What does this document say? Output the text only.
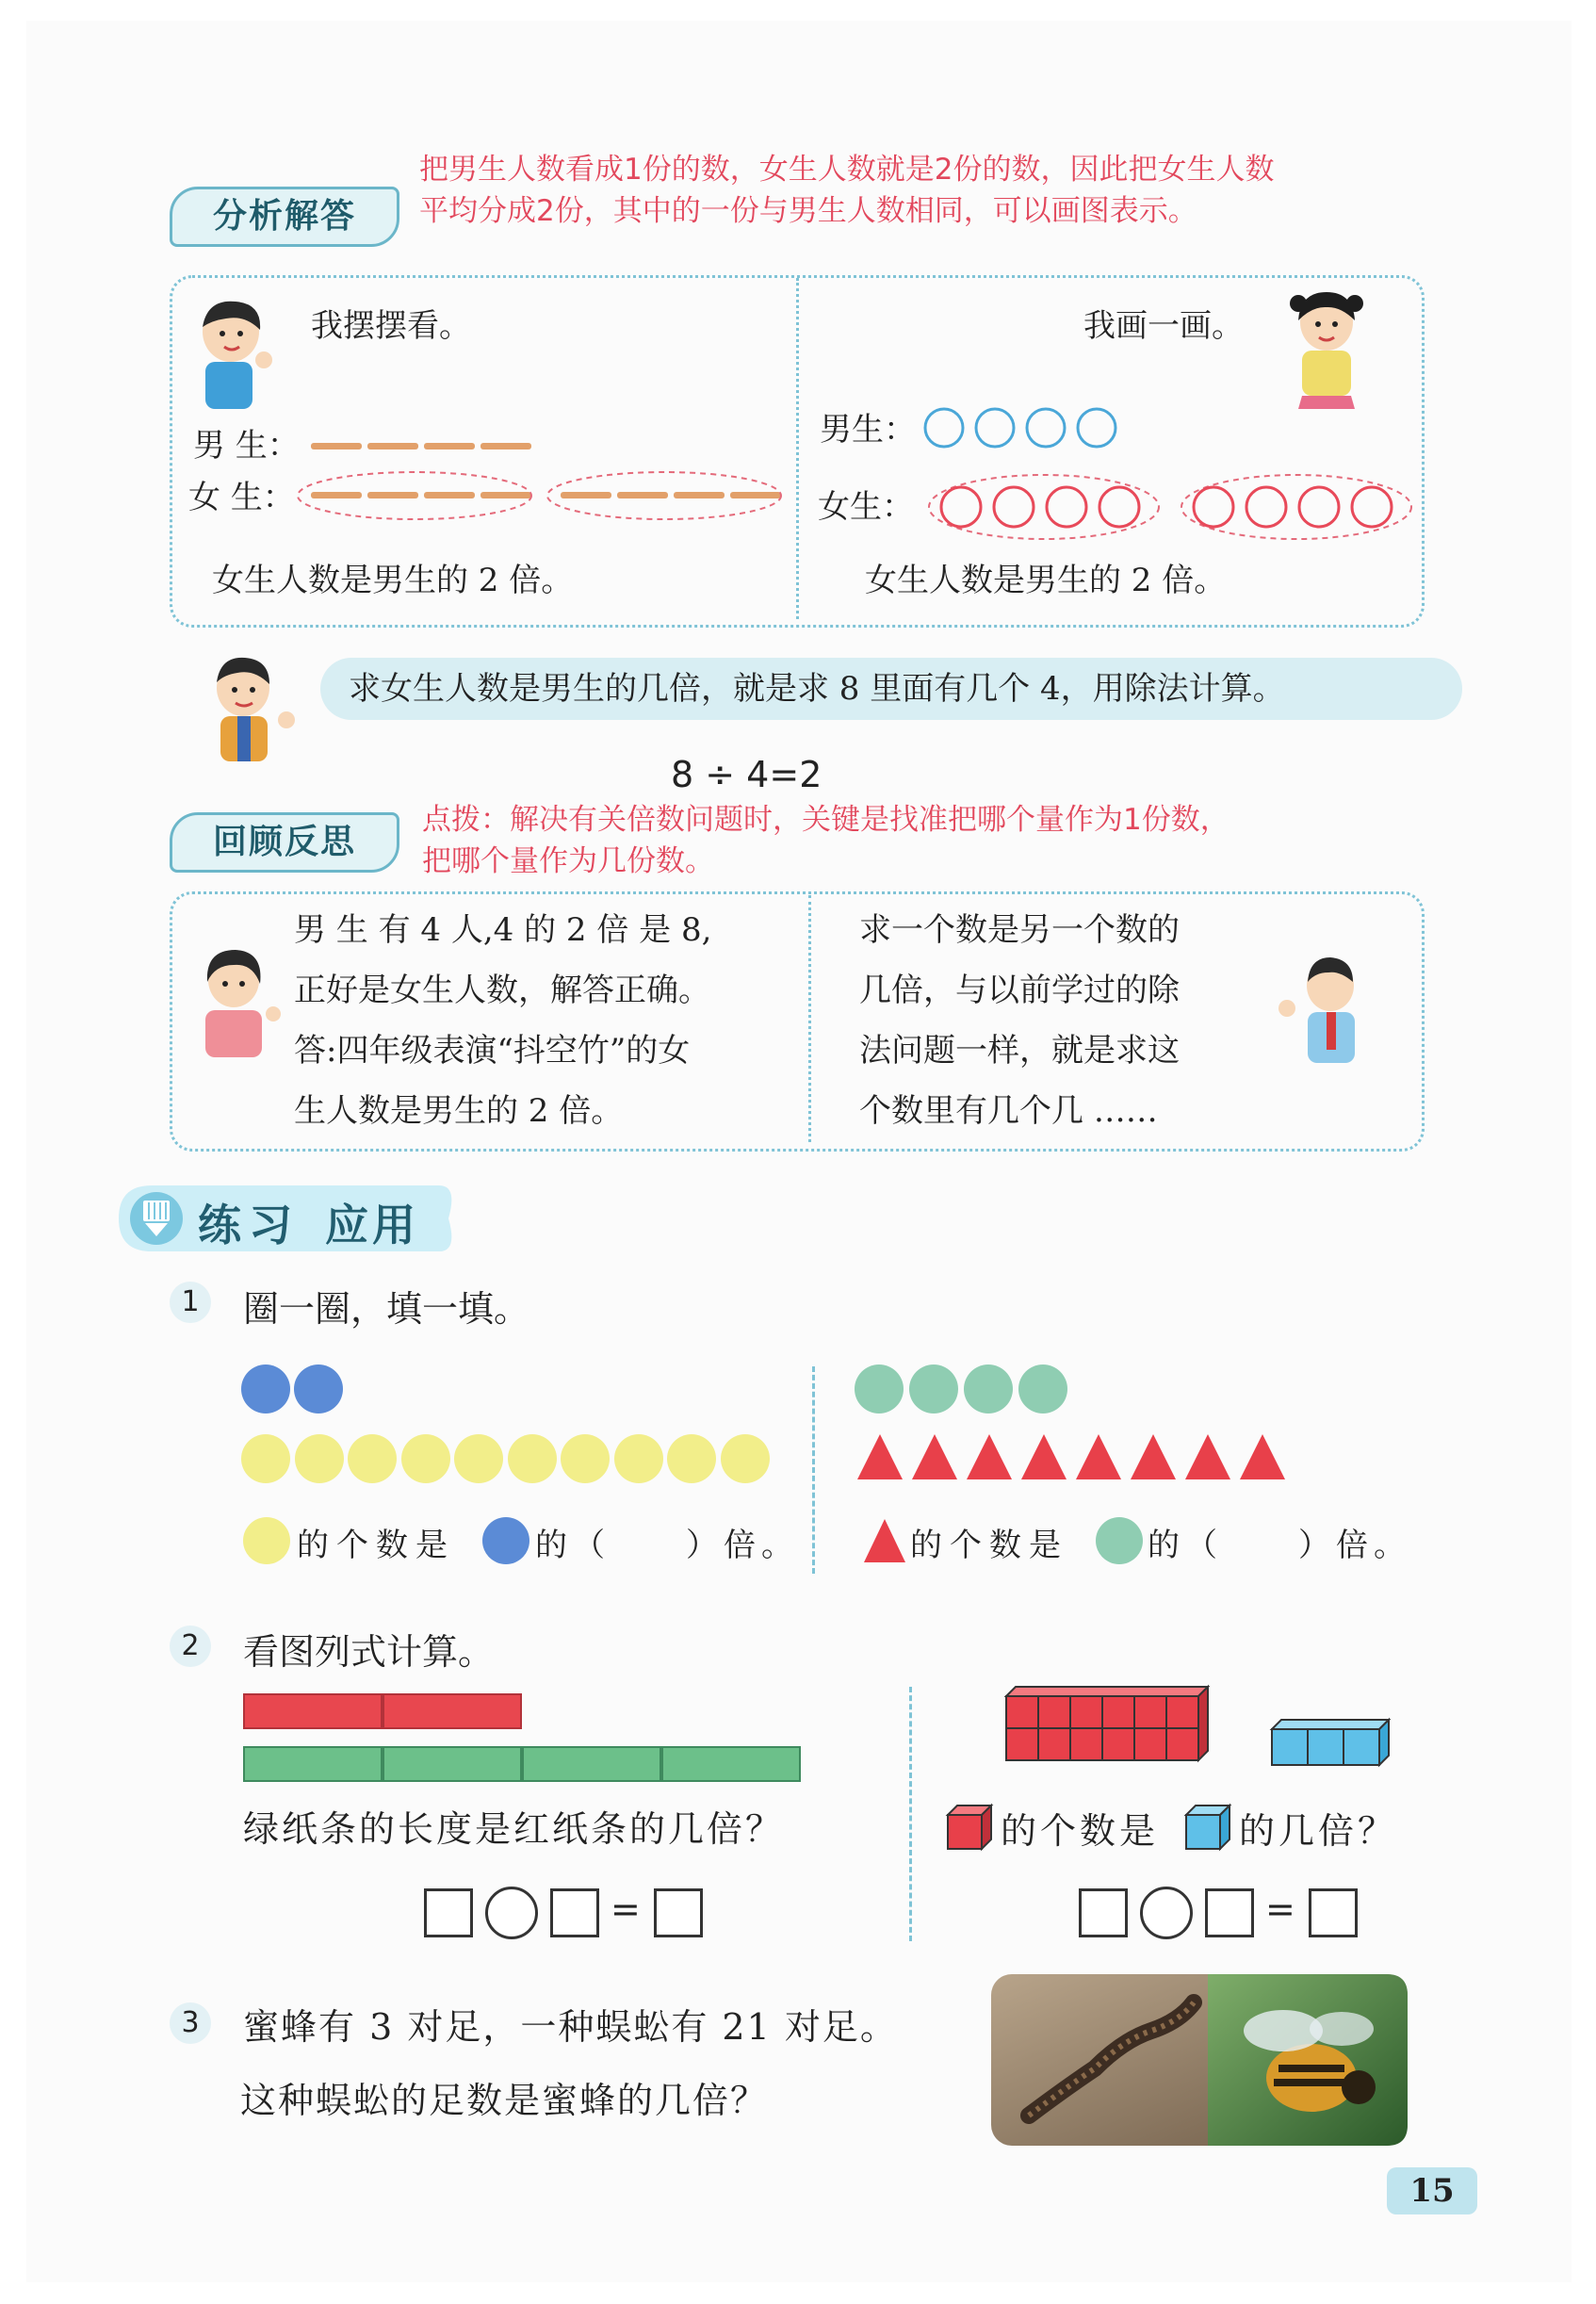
分析解答
把男生人数看成1份的数，女生人数就是2份的数，因此把女生人数
平均分成2份，其中的一份与男生人数相同，可以画图表示。
我摆摆看。
男 生：
女 生：
女生人数是男生的 2 倍。
我画一画。
男生：
女生：
女生人数是男生的 2 倍。
求女生人数是男生的几倍，就是求 8 里面有几个 4，用除法计算。
8 ÷ 4=2
回顾反思
点拨：解决有关倍数问题时，关键是找准把哪个量作为1份数，
把哪个量作为几份数。
男 生 有 4 人,4 的 2 倍 是 8,
正好是女生人数，解答正确。
答:四年级表演“抖空竹”的女
生人数是男生的 2 倍。
求一个数是另一个数的
几倍，与以前学过的除
法问题一样，就是求这
个数里有几个几 ……
练习 应用
1	圈一圈，填一填。
的个数是	的（　　）倍。	的个数是 的（　　）倍。
2	看图列式计算。
绿纸条的长度是红纸条的几倍？	的个数是 的几倍？
=	=
3	蜜蜂有 3 对足，一种蜈蚣有 21 对足。
这种蜈蚣的足数是蜜蜂的几倍？
15
